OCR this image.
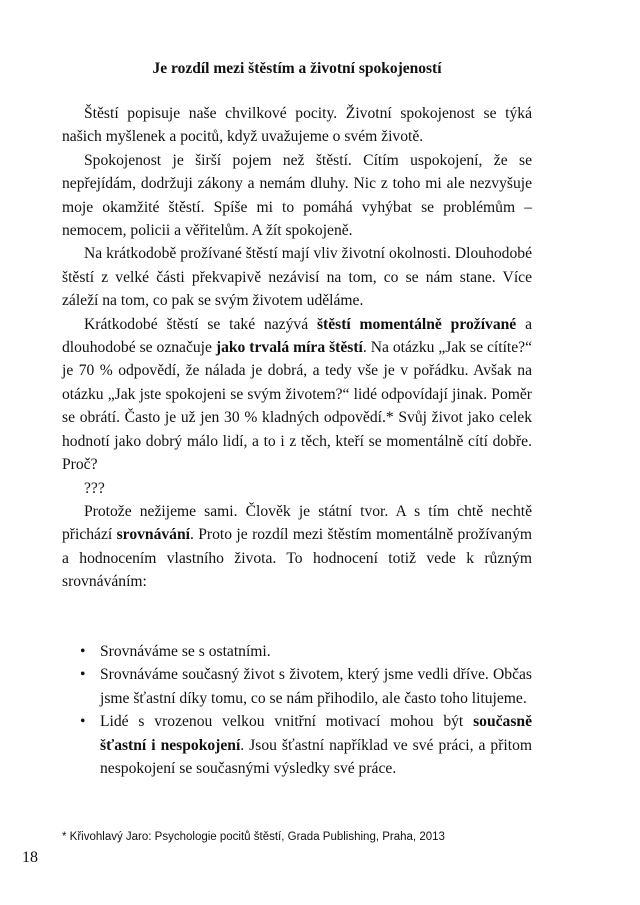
Je rozdíl mezi štěstím a životní spokojeností

Štěstí popisuje naše chvilkové pocity. Životní spokojenost se týká našich myšlenek a pocitů, když uvažujeme o svém životě.

Spokojenost je širší pojem než štěstí. Cítím uspokojení, že se nepřejídám, dodržuji zákony a nemám dluhy. Nic z toho mi ale nezvyšuje moje okamžité štěstí. Spíše mi to pomáhá vyhýbat se problémům – nemocem, policii a věřitelům. A žít spokojeně.

Na krátkodobě prožívané štěstí mají vliv životní okolnosti. Dlouhodobé štěstí z velké části překvapivě nezávisí na tom, co se nám stane. Více záleží na tom, co pak se svým životem uděláme.

Krátkodobé štěstí se také nazývá štěstí momentálně prožívané a dlouhodobé se označuje jako trvalá míra štěstí. Na otázku „Jak se cítíte?“ je 70 % odpovědí, že nálada je dobrá, a tedy vše je v pořádku. Avšak na otázku „Jak jste spokojeni se svým životem?“ lidé odpovídají jinak. Poměr se obrátí. Často je už jen 30 % kladných odpovědí.* Svůj život jako celek hodnotí jako dobrý málo lidí, a to i z těch, kteří se momentálně cítí dobře. Proč?

???

Protože nežijeme sami. Člověk je státní tvor. A s tím chtě nechtě přichází srovnávání. Proto je rozdíl mezi štěstím momentálně prožívaným a hodnocením vlastního života. To hodnocení totiž vede k různým srovnáváním:

• Srovnáváme se s ostatními.
• Srovnáváme současný život s životem, který jsme vedli dříve. Občas jsme šťastní díky tomu, co se nám přihodilo, ale často toho litujeme.
• Lidé s vrozenou velkou vnitřní motivací mohou být současně šťastní i nespokojení. Jsou šťastní například ve své práci, a přitom nespokojení se současnými výsledky své práce.
* Křivohlavý Jaro: Psychologie pocitů štěstí, Grada Publishing, Praha, 2013
18
